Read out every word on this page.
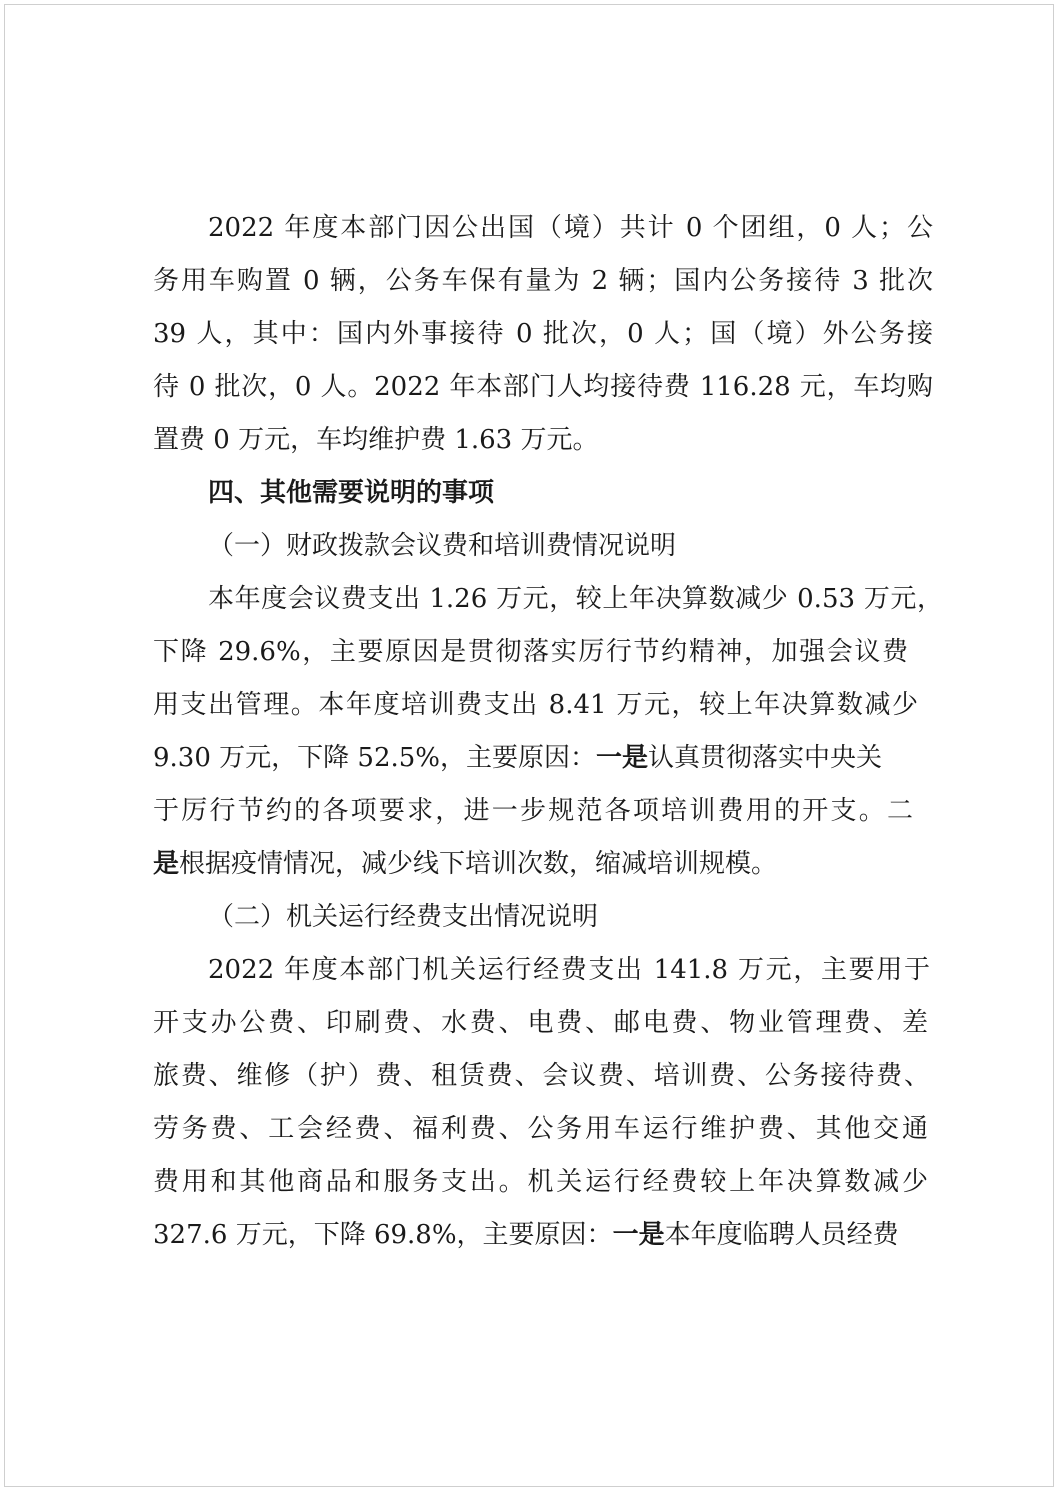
2022 年度本部门因公出国（境）共计 0 个团组，0 人；公
务用车购置 0 辆，公务车保有量为 2 辆；国内公务接待 3 批次
39 人，其中：国内外事接待 0 批次，0 人；国（境）外公务接
待 0 批次，0 人。2022 年本部门人均接待费 116.28 元，车均购
置费 0 万元，车均维护费 1.63 万元。
四、其他需要说明的事项
（一）财政拨款会议费和培训费情况说明
本年度会议费支出 1.26 万元，较上年决算数减少 0.53 万元，
下降 29.6%，主要原因是贯彻落实厉行节约精神，加强会议费
用支出管理。本年度培训费支出 8.41 万元，较上年决算数减少
9.30 万元，下降 52.5%，主要原因：一是认真贯彻落实中央关
于厉行节约的各项要求，进一步规范各项培训费用的开支。二
是根据疫情情况，减少线下培训次数，缩减培训规模。
（二）机关运行经费支出情况说明
2022 年度本部门机关运行经费支出 141.8 万元，主要用于
开支办公费、印刷费、水费、电费、邮电费、物业管理费、差
旅费、维修（护）费、租赁费、会议费、培训费、公务接待费、
劳务费、工会经费、福利费、公务用车运行维护费、其他交通
费用和其他商品和服务支出。机关运行经费较上年决算数减少
327.6 万元，下降 69.8%，主要原因：一是本年度临聘人员经费
